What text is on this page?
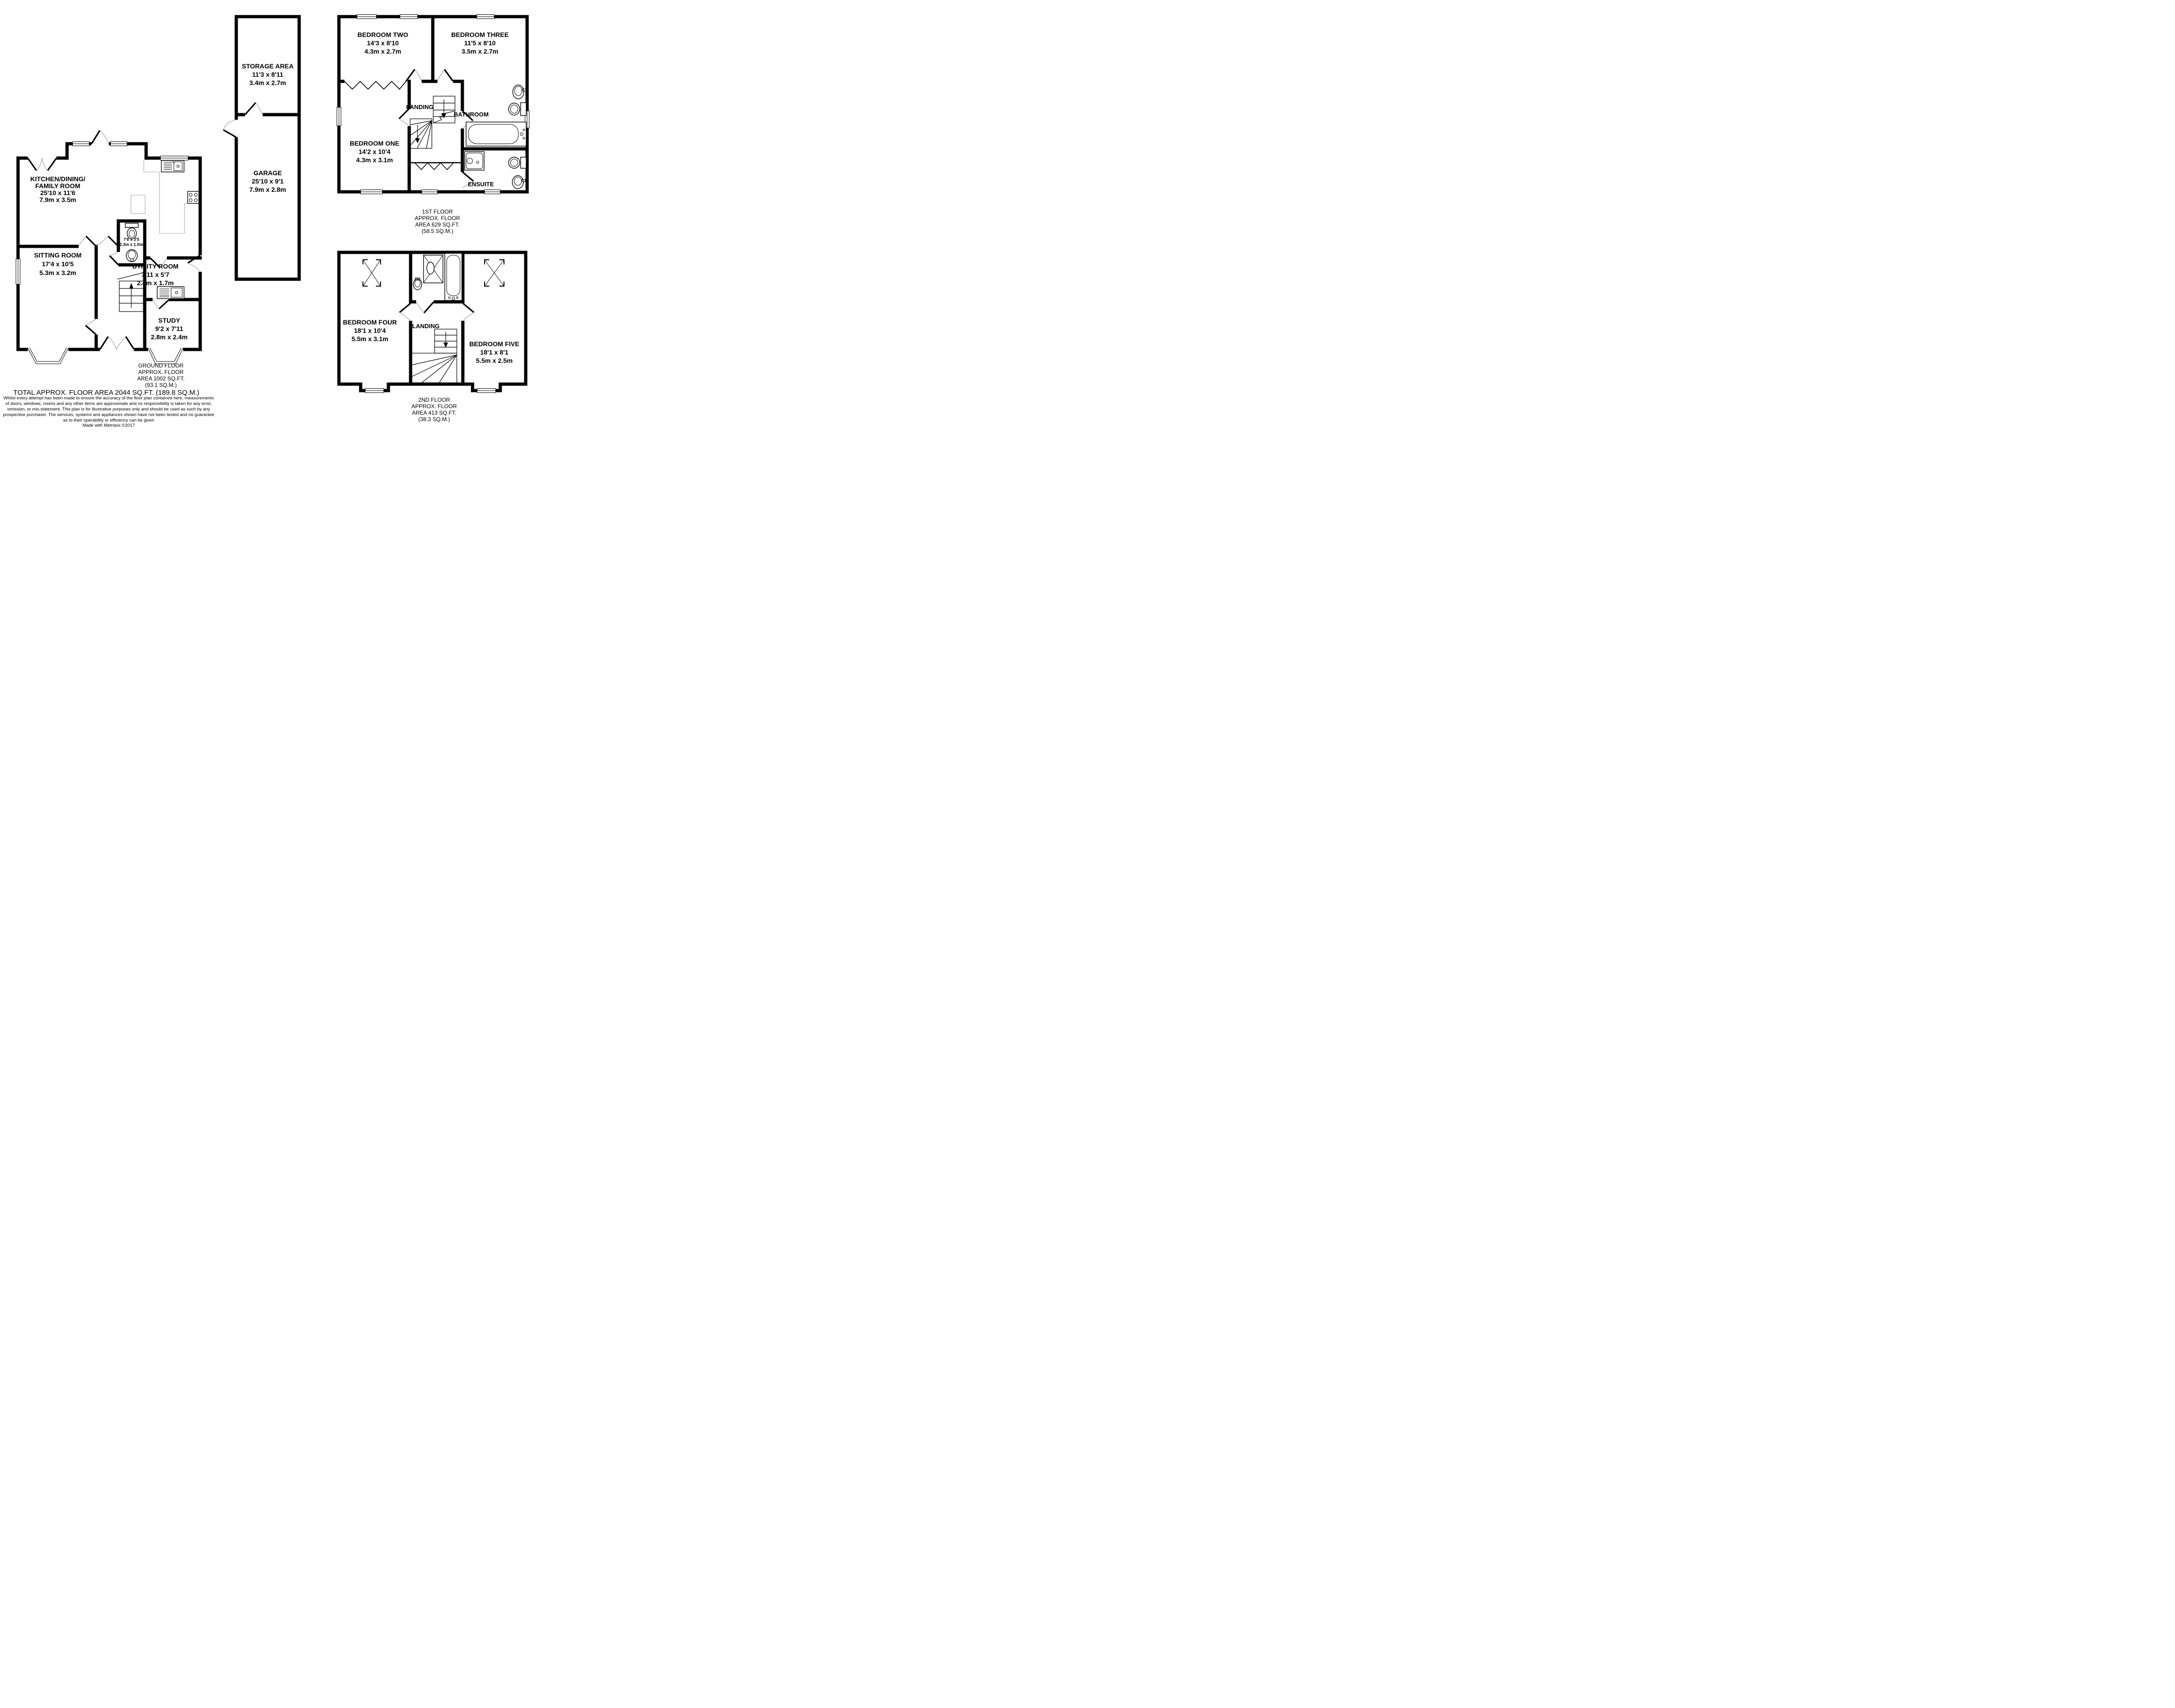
KITCHEN/DINING/
FAMILY ROOM
25'10 x 11'6
7.9m x 3.5m
SITTING ROOM
17'4 x 10'5
5.3m x 3.2m
7'6 x 3'5
2.3m x 1.0m
UTILITY ROOM
7'11 x 5'7
2.4m x 1.7m
STUDY
9'2 x 7'11
2.8m x 2.4m
STORAGE AREA
11'3 x 8'11
3.4m x 2.7m
GARAGE
25'10 x 9'1
7.9m x 2.8m
BEDROOM TWO
14'3 x 8'10
4.3m x 2.7m
BEDROOM THREE
11'5 x 8'10
3.5m x 2.7m
BEDROOM ONE
14'2 x 10'4
4.3m x 3.1m
LANDING
BATHROOM
ENSUITE
BEDROOM FOUR
18'1 x 10'4
5.5m x 3.1m
BEDROOM FIVE
18'1 x 8'1
5.5m x 2.5m
LANDING
GROUND FLOOR
APPROX. FLOOR
AREA 1002 SQ.FT.
(93.1 SQ.M.)
1ST FLOOR
APPROX. FLOOR
AREA 629 SQ.FT.
(58.5 SQ.M.)
2ND FLOOR
APPROX. FLOOR
AREA 413 SQ.FT.
(38.3 SQ.M.)
TOTAL APPROX. FLOOR AREA 2044 SQ.FT. (189.8 SQ.M.)
Whilst every attempt has been made to ensure the accuracy of the floor plan contained here, measurements
of doors, windows, rooms and any other items are approximate and no responsibility is taken for any error,
omission, or mis-statement. This plan is for illustrative purposes only and should be used as such by any
prospective purchaser. The services, systems and appliances shown have not been tested and no guarantee
as to their operability or efficiency can be given
Made with Metropix ©2017
